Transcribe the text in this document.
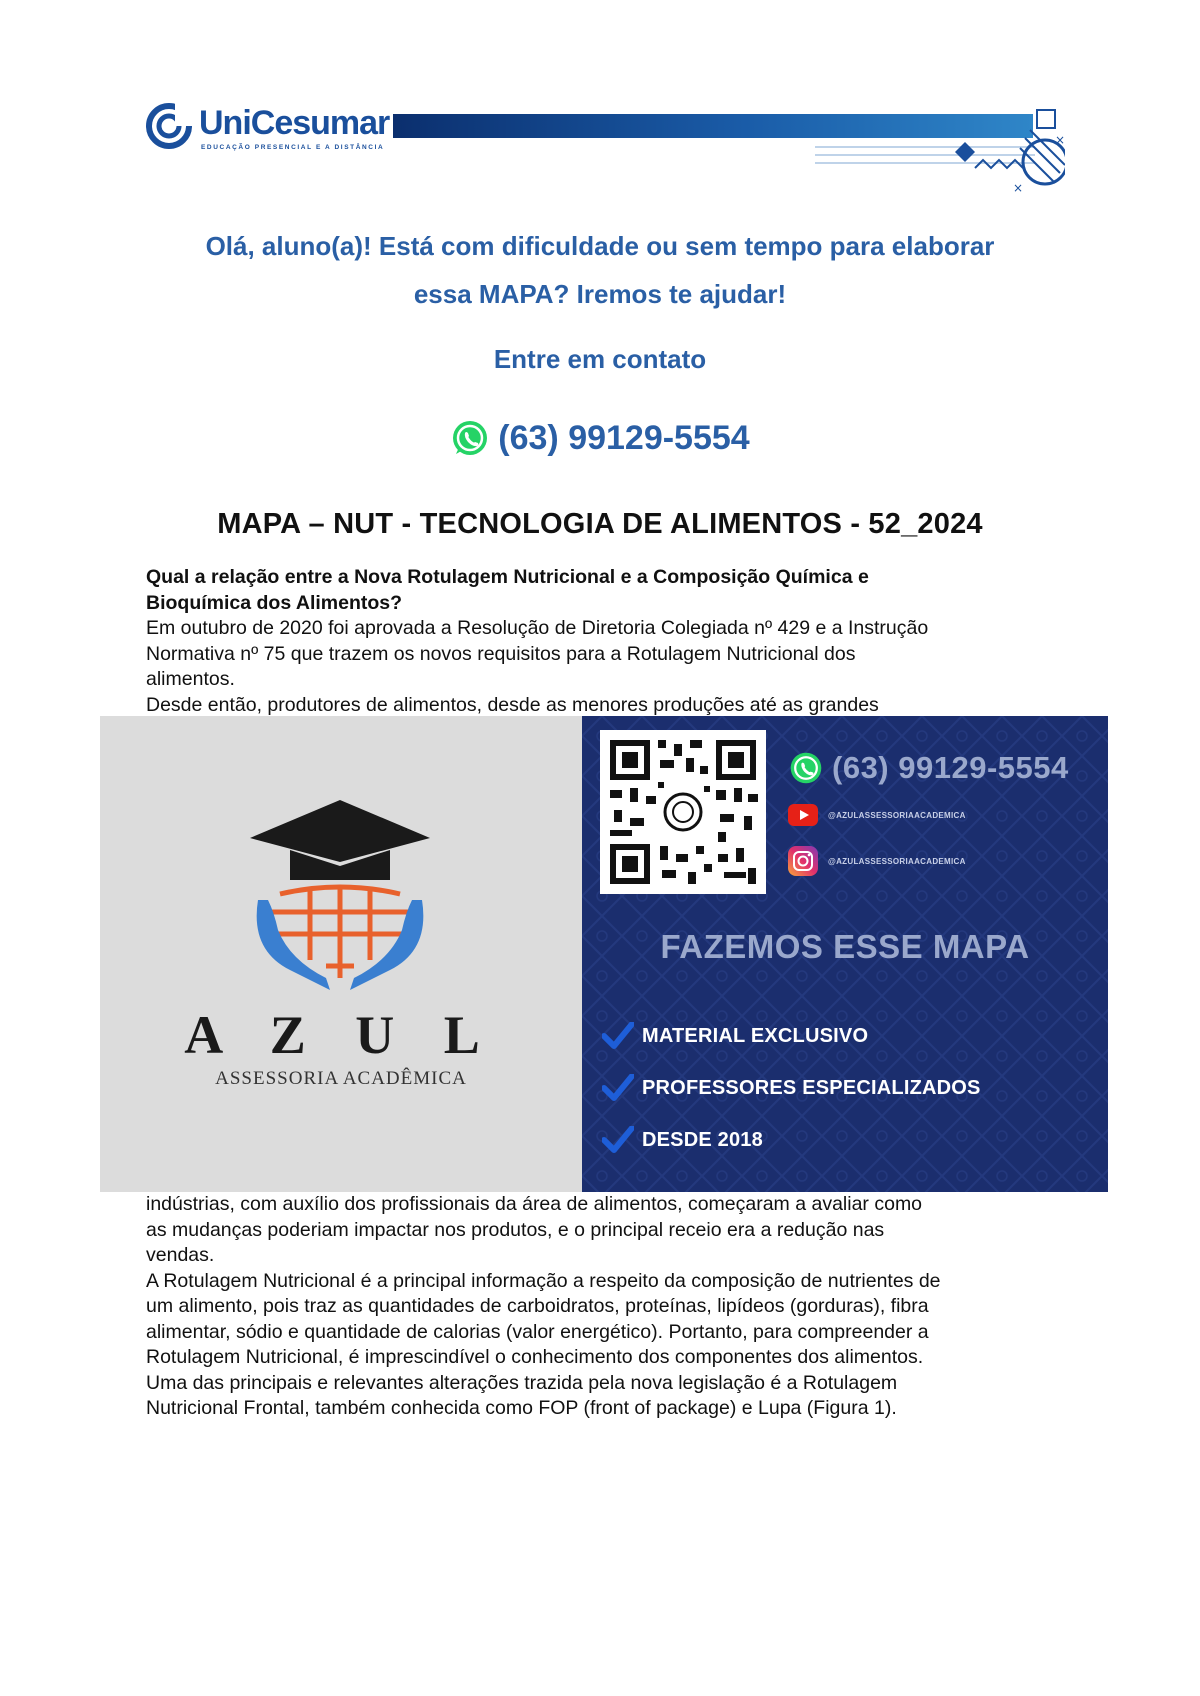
UniCesumar
EDUCAÇÃO PRESENCIAL E A DISTÂNCIA
×
×
Olá, aluno(a)! Está com dificuldade ou sem tempo para elaborar
essa MAPA? Iremos te ajudar!
Entre em contato
(63) 99129-5554
MAPA – NUT - TECNOLOGIA DE ALIMENTOS - 52_2024

Qual a relação entre a Nova Rotulagem Nutricional e a Composição Química e

Bioquímica dos Alimentos?

Em outubro de 2020 foi aprovada a Resolução de Diretoria Colegiada nº 429 e a Instrução

Normativa nº 75 que trazem os novos requisitos para a Rotulagem Nutricional dos

alimentos.

Desde então, produtores de alimentos, desde as menores produções até as grandes

A Z U L
ASSESSORIA ACADÊMICA
(63) 99129-5554
@AZULASSESSORIAACADEMICA
@AZULASSESSORIAACADEMICA
FAZEMOS ESSE MAPA
MATERIAL EXCLUSIVO
PROFESSORES ESPECIALIZADOS
DESDE 2018

indústrias, com auxílio dos profissionais da área de alimentos, começaram a avaliar como

as mudanças poderiam impactar nos produtos, e o principal receio era a redução nas

vendas.

A Rotulagem Nutricional é a principal informação a respeito da composição de nutrientes de

um alimento, pois traz as quantidades de carboidratos, proteínas, lipídeos (gorduras), fibra

alimentar, sódio e quantidade de calorias (valor energético). Portanto, para compreender a

Rotulagem Nutricional, é imprescindível o conhecimento dos componentes dos alimentos.

Uma das principais e relevantes alterações trazida pela nova legislação é a Rotulagem

Nutricional Frontal, também conhecida como FOP (front of package) e Lupa (Figura 1).
